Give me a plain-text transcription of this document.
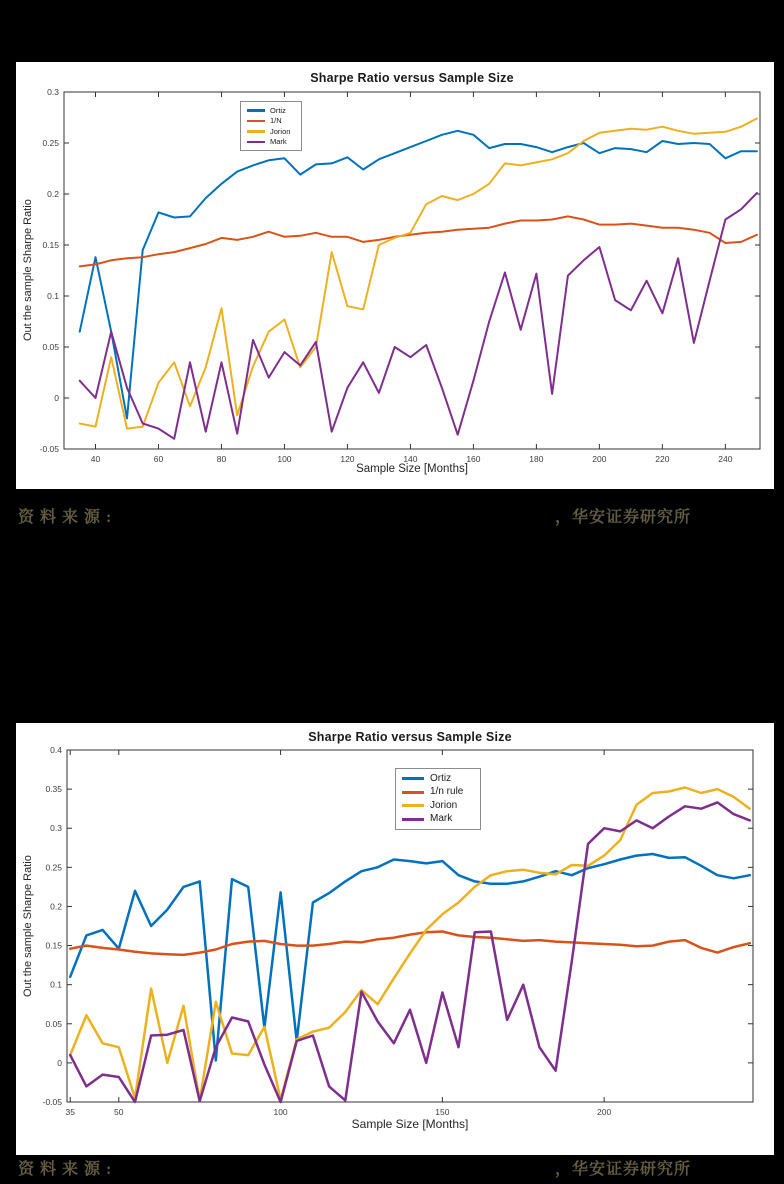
Sharpe Ratio versus Sample Size
40	60	80	100	120	140	160	180	200	220	240
-0.05
0
0.05
0.1
0.15
0.2
0.25
0.3
Out the sample Sharpe Ratio
Sample Size [Months]
Ortiz
1/N
Jorion
Mark
资料来源:	，华安证券研究所
Sharpe Ratio versus Sample Size
35	50	100	150	200
-0.05
0
0.05
0.1
0.15
0.2
0.25
0.3
0.35
0.4
Out the sample Sharpe Ratio
Sample Size [Months]
Ortiz
1/n rule
Jorion
Mark
资料来源:	，华安证券研究所
